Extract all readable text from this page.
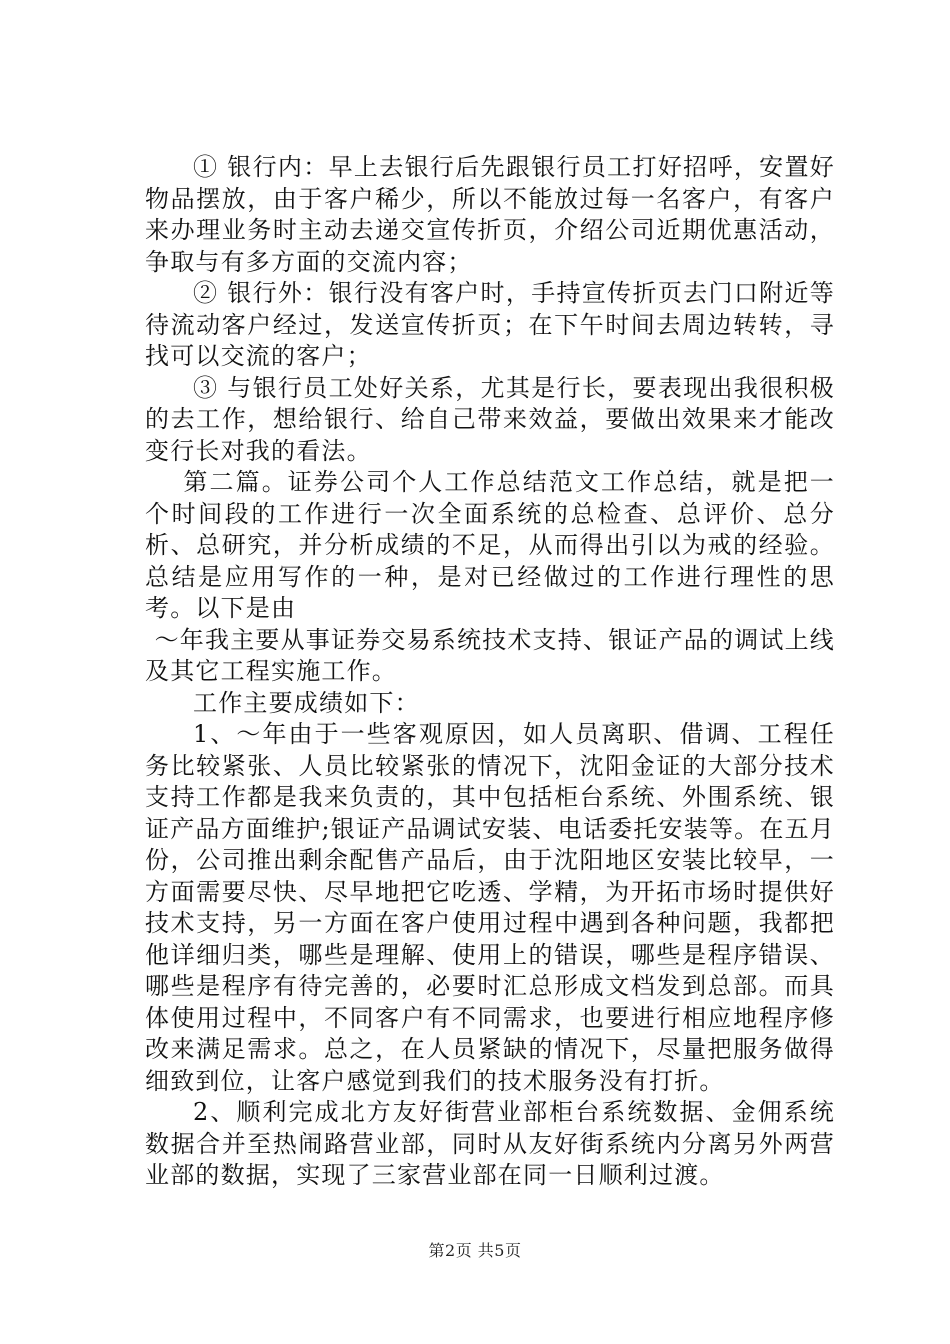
① 银行内：早上去银行后先跟银行员工打好招呼，安置好物品摆放，由于客户稀少，所以不能放过每一名客户，有客户来办理业务时主动去递交宣传折页，介绍公司近期优惠活动，争取与有多方面的交流内容；

② 银行外：银行没有客户时，手持宣传折页去门口附近等待流动客户经过，发送宣传折页；在下午时间去周边转转，寻找可以交流的客户；

③ 与银行员工处好关系，尤其是行长，要表现出我很积极的去工作，想给银行、给自己带来效益，要做出效果来才能改变行长对我的看法。

第二篇。证券公司个人工作总结范文工作总结，就是把一个时间段的工作进行一次全面系统的总检查、总评价、总分析、总研究，并分析成绩的不足，从而得出引以为戒的经验。总结是应用写作的一种，是对已经做过的工作进行理性的思考。以下是由

～年我主要从事证券交易系统技术支持、银证产品的调试上线及其它工程实施工作。

工作主要成绩如下：

1、～年由于一些客观原因，如人员离职、借调、工程任务比较紧张、人员比较紧张的情况下，沈阳金证的大部分技术支持工作都是我来负责的，其中包括柜台系统、外围系统、银证产品方面维护;银证产品调试安装、电话委托安装等。在五月份，公司推出剩余配售产品后，由于沈阳地区安装比较早，一方面需要尽快、尽早地把它吃透、学精，为开拓市场时提供好技术支持，另一方面在客户使用过程中遇到各种问题，我都把他详细归类，哪些是理解、使用上的错误，哪些是程序错误、哪些是程序有待完善的，必要时汇总形成文档发到总部。而具体使用过程中，不同客户有不同需求，也要进行相应地程序修改来满足需求。总之，在人员紧缺的情况下，尽量把服务做得细致到位，让客户感觉到我们的技术服务没有打折。

2、顺利完成北方友好街营业部柜台系统数据、金佣系统数据合并至热闹路营业部，同时从友好街系统内分离另外两营业部的数据，实现了三家营业部在同一日顺利过渡。

第2页 共5页
